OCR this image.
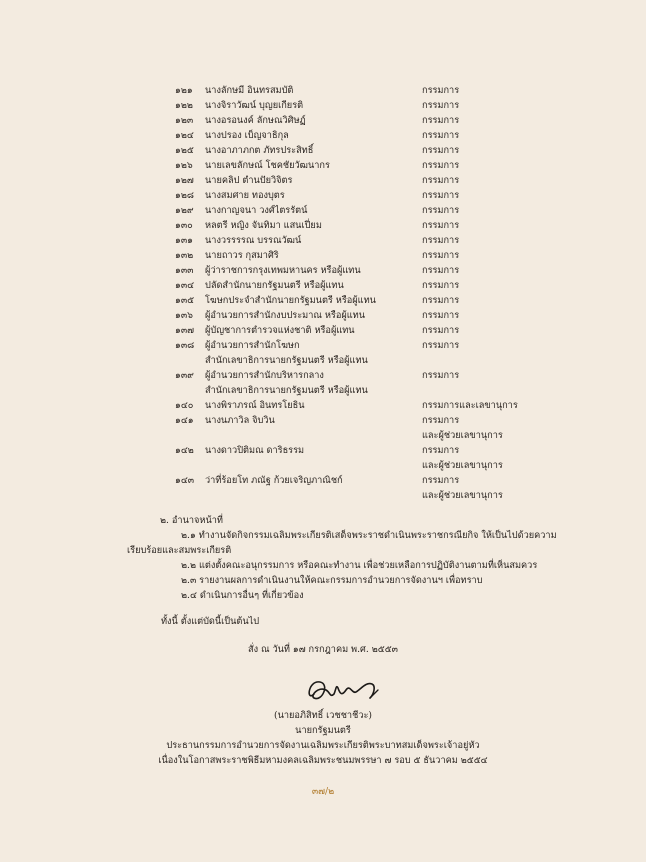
๑๒๑ นางลักษมี อินทรสมบัติ	กรรมการ
๑๒๒ นางจิราวัฒน์ บุญยเกียรติ	กรรมการ
๑๒๓ นางอรอนงค์ ลักษณวิศิษฏ์	กรรมการ
๑๒๔ นางปรอง เบ็ญจาธิกุล	กรรมการ
๑๒๕ นางอาภาภกต ภัทรประสิทธิ์	กรรมการ
๑๒๖ นายเลขลักษณ์ โชคชัยวัฒนากร	กรรมการ
๑๒๗ นายคลิป ตำนปัยวิจิตร	กรรมการ
๑๒๘ นางสมศาย ทองบุตร	กรรมการ
๑๒๙ นางกาญจนา วงศ์ไตรรัตน์	กรรมการ
๑๓๐ หลตรี หญิง จันทิมา แสนเปี่ยม	กรรมการ
๑๓๑ นางวรรรรณ บรรณวัฒน์	กรรมการ
๑๓๒ นายถาวร กุสมาศิริ	กรรมการ
๑๓๓ ผู้ว่าราชการกรุงเทพมหานคร หรือผู้แทน	กรรมการ
๑๓๔ ปลัดสำนักนายกรัฐมนตรี หรือผู้แทน	กรรมการ
๑๓๕ โฆษกประจำสำนักนายกรัฐมนตรี หรือผู้แทน	กรรมการ
๑๓๖ ผู้อำนวยการสำนักงบประมาณ หรือผู้แทน	กรรมการ
๑๓๗ ผู้บัญชาการตำรวจแห่งชาติ หรือผู้แทน	กรรมการ
๑๓๘ ผู้อำนวยการสำนักโฆษก	กรรมการ
สำนักเลขาธิการนายกรัฐมนตรี หรือผู้แทน
๑๓๙ ผู้อำนวยการสำนักบริหารกลาง	กรรมการ
สำนักเลขาธิการนายกรัฐมนตรี หรือผู้แทน
๑๔๐ นางพิราภรณ์ อินทรโยธิน	กรรมการและเลขานุการ
๑๔๑ นางนภาวิล จิบวิน	กรรมการ
และผู้ช่วยเลขานุการ
๑๔๒ นางดาวปิติมณ ดาริธรรม	กรรมการ
และผู้ช่วยเลขานุการ
๑๔๓ ว่าที่ร้อยโท ภณัฐ ก้วยเจริญภาณิชก์	กรรมการ
และผู้ช่วยเลขานุการ
๒. อำนาจหน้าที่
๒.๑ ทำงานจัดกิจกรรมเฉลิมพระเกียรติเสด็จพระราชดำเนินพระราชกรณียกิจ ให้เป็นไปด้วยความ
เรียบร้อยและสมพระเกียรติ
๒.๒ แต่งตั้งคณะอนุกรรมการ หรือคณะทำงาน เพื่อช่วยเหลือการปฏิบัติงานตามที่เห็นสมควร
๒.๓ รายงานผลการดำเนินงานให้คณะกรรมการอำนวยการจัดงานฯ เพื่อทราบ
๒.๔ ดำเนินการอื่นๆ ที่เกี่ยวข้อง
ทั้งนี้ ตั้งแต่บัดนี้เป็นต้นไป
สั่ง ณ วันที่ ๑๗ กรกฎาคม พ.ศ. ๒๕๕๓
(นายอภิสิทธิ์ เวชชาชีวะ)
นายกรัฐมนตรี
ประธานกรรมการอำนวยการจัดงานเฉลิมพระเกียรติพระบาทสมเด็จพระเจ้าอยู่หัว
เนื่องในโอกาสพระราชพิธีมหามงคลเฉลิมพระชนมพรรษา ๗ รอบ ๕ ธันวาคม ๒๕๕๔
๓๗/๒
